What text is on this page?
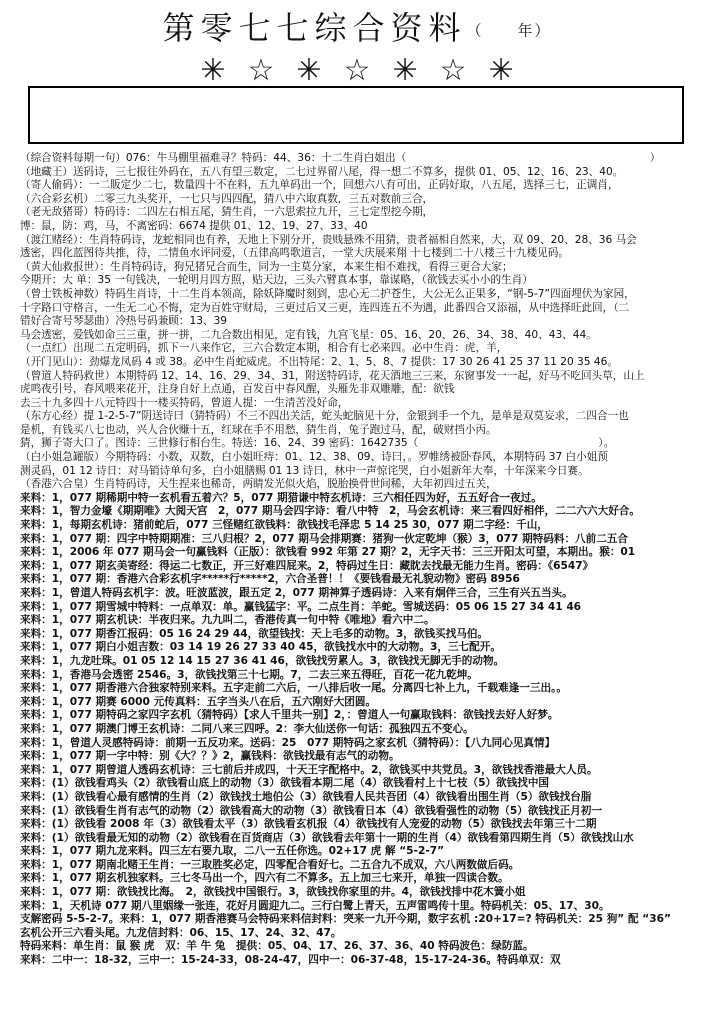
第零七七综合资料（　　年）
✳ ☆ ✳ ☆ ✳ ☆ ✳

（综合资料每期一句）076：牛马棚里福难寻？特码：44、36：十二生肖白姐出（　　　　　　　　　　　　　　　　　　　　　　　）

（地藏王）送码诗，三七报往外码在，五八有望三数定，二七过界留八尾，得一想二不算多，提供 01、05、12、16、23、40。

（寄人偷码）：一二販定少二七，数量四十不在料，五九单码出一个，回想六八有可出，正码好取，八五尾，选择三七，正调肖，

（六合彩玄机）二零三九头奖开，一七只与四四配，猜八中六取真数，三五对数前三合，

（老无敌猪哥）特码诗：二四左右相五尾，猜生肖，一六思索拉九开，三七定型挖今期，

博：鼠，防：鸡，马，不离密码：6674 提供 01、12、19、27、33、40

（渡江赌经）：生肖特码诗，龙蛇相同也有养，天地上下别分开，贵贱悬殊不用猜，贵者福相自然来，大，双 09、20、28、36 马会

透密，四化蓝图待共推，待，二情鱼水评同爱，（五律高鸣歌道言，一堂大庆展来翔 十七楼到二十八楼三十九楼见码。

（黄大仙救报世）：生肖特码诗，狗兄猪兄合而生，同为一主莫分家，本来生相不难找，看得三更合大家；

今期开：大 单：35 一句钱决，一轮明月四方照，贴天边，三头六臂真本事，靠谋略，（欲钱去买小小的生肖）

（曾士铁板神数）特码生肖诗，十二生肖本领高，除妖降魔时刻到，忠心无二护苍生，大公无么正果多，“钢-5-7”四面埋伏为家园，

十字路口守格言，一生无二心不悔，定为百姓守财局，三更过后又三更，连四连五不为遇，此番四合又添福，从中选择旺此回，（二

错好合寄号琴瑟曲）冷热号码兼顾：13、39

马会透密，爱钱如命三三重，拼一拼，二九合数出相见，定有钱，九宫飞星：05、16、20、26、34、38、40、43、44。

（一点红）出现二五定明码，抓下一八来作它，三六合数定本期，相合有七必来四。必中生肖：虎，羊，

（开门见山）：劲爆龙凤码 4 或 38。必中生肖蛇威虎。不出特尾：2、1、5、8、7 提供：17 30 26 41 25 37 11 20 35 46。

（曾道人特码救世）本期特码 12、14、16、29、34、31，附送特码诗，花天酒地三三来，东窗事发一一起，好马不吃回头草，山上

虎鸣夜引号，春风喂来花开，注身自好上点通，百发百中春风醒，头雁先非双雕雕，配：欲钱

去三十九多四十八元特四十一楼买特码，曾道人提：一生清苦没好命，

（东方心经）提 1-2-5-7”阴送诗曰（猜特码）不三不四出关活，蛇头蛇脑见十分，金银到手一个九，是单是双莫妄求，二四合一也

是机，有钱买八七也动，兴人合伙赚十五，红球在手不用愁，猜生肖，兔子跑过马，配，破财挡小丙。

猜，狮子寄大口了。图诗：三世修行相台生。特送：16、24、39 密码：1642735（　　　　　　　　　　　　　　　　　）。

（白小姐急罐版）今期特码：小数，双数，白小姐旺痔：01、12、38、09、诗曰，。罗帷绣被卧春风，本期特码 37 白小姐预

测灵码，01 12 诗日：对马销诗单句多，白小姐膳赐 01 13 诗日，林中一声惊诧哭，白小姐新年大奉，十年深来今日赛。

（香港六合皇）生肖特码诗，天生捏来也稀奇，两睛发光似火焰，脱胎换骨世间稀，大年初四过五关，

来料：1，077 期稀期中特一玄机看五着六？5，077 期猎谦中特玄机诗：三六相任四为好，五五好合一夜过。

来料：1，智力金壕《期期唯》大阅天宫　2，077 期马会四字诗：看八中特　2，马会玄机诗：来三看四好相伴，二二六六大好合。

来料：1，每期玄机诗：猪前蛇后，077 三怪赌红欲钱料：欲钱找毛泽忠 5 14 25 30，077 期二字经：千山，

来料：1，077 期：四字中特期期准：三八归根？2，077 期马会排期赛：猪狗一伙定乾坤（猴）3，077 期特码料：八前二五合

来料：1，2006 年 077 期马会一句赢钱料（正版）：欲钱看 992 年第 27 期？2，无字天书：三三开阳太可望，本期出。猴：01

来料：1，077 期玄美寄经：得运二七数正，开三好难四屁来。2，特码过生日：藏眈去找最无能力生肖。密码：《6547》

来料：1，077 期：香港六合彩玄机字*****行*****2，六合圣普！！《要钱看最无礼貌动物》密码 8956

来料：1，曾道人特码玄机字：波。旺波蓝波，跟五定 2，077 期神算子透码诗：入来有炯伴三合，三生有兴五当头。

来料：1，077 期雪城中特料：一点单双：单。赢钱猛字：平。二点生肖：羊蛇。雪城送码：05 06 15 27 34 41 46

来料：1，077 期玄机诀：半夜归来。九九叫二，香港传真一句中特《唯地》看六中二。

来料：1，077 期香江报码：05 16 24 29 44，欲望钱找：天上毛多的动物。3，欲钱买找马伯。

来料：1，077 期白小姐吉数：03 14 19 26 27 33 40 45，欲钱找水中的大动物。3，三七配开。

来料：1，九龙吐珠。01 05 12 14 15 27 36 41 46，欲钱找劳累人。3，欲钱找无脚无手的动物。

来料：1，香港马会透密 2546。3，欲钱找第三十七期。7，二去三来五得旺，百花一花九乾坤。

来料：1，077 期香港六合独家特别来料。五字走前二六后，一八排后收一尾。分离四七补上九，千载难逢一三出。。

来料：1，077 期赛 6000 元传真料：五字当头八在后，五六刚好大团圆。

来料：1，077 期特码之家四字玄机（猜特码）【求人千里共一别】2，：曾道人一句赢取钱料：欲钱找去好人好梦。

来料：1，077 期澳门博王玄机诗：二同八来三四呼。2：李大仙送你一句话：孤独四五不变心。

来料：1，曾道人灵感特码诗：前期一五反功来。送码：25　077 期特码之家玄机（猜特码）：【八九同心见真情】

来料：1，077 期一字中特：别《大？？》2，赢钱料：欲钱找最有志气的动物。

来料：1，077 期曾道人透码玄机诗：三七前后并成四，十天王字配格中。2，欲钱买中共党员。3，欲钱找香港最大人员。

来料：(1）欲钱看鸡头（2）欲钱看山底上的动物（3）欲钱看本期二尾（4）欲钱看村上十七枝（5）欲钱找中国

来料：(1）欲钱看心最有感情的生肖（2）欲钱找土地伯公（3）欲钱看人民共吾团（4）欲钱看出围生肖（5）欲钱找台脂

来料：(1）欲钱看生肖有志气的动物（2）欲钱看高大的动物（3）欲钱看日本（4）欲钱看强性的动物（5）欲钱找正月初一

来料：(1）欲钱看 2008 年（3）欲钱看太平（3）欲钱看玄机报（4）欲钱找有人宠爱的动物（5）欲钱找去年第三十二期

来料：(1）欲钱看最无知的动物（2）欲钱看在百货商店（3）欲钱看去年第十一期的生肖（4）欲钱看第四期生肖（5）欲钱找山水

来料：1，077 期九龙来料。四三左右要九取，二八一五任你选。02+17 虎 解 “5-2-7”

来料：1，077 期南北赌王生肖：一三取胜奖必定，四零配合看好七。二五合九不成双，六八两数做后码。

来料：1，077 期玄机独家料。三七冬马出一个，四六有二不算多。五上加三七来开，单独一四读合数。

来料：1，077 期：欲钱找比海。　2，欲钱找中国银行。3，欲钱找你家里的井。4，欲钱找排中花木簧小姐

来料：1，天机诗 077 期八里姻缘一张连，花好月圆迎九二。三行白鹭上青天，五声雷鸣传十里。特码机关：05、17、30。

支解密码 5-5-2-7。来料：1，077 期香港赛马会特码来料信封料：突来一九开今期，数字玄机 :20+17=? 特码机关：25 狗” 配 “36”

玄机公开三六看头尾。九龙信封料：06、15、17、24、32、47。

特码来料：单生肖：鼠 猴 虎　双：羊 牛 兔　提供：05、04、17、26、37、36、40 特码波色：绿防蓝。

来料：二中一：18-32，三中一：15-24-33，08-24-47，四中一：06-37-48，15-17-24-36。特码单双：双
